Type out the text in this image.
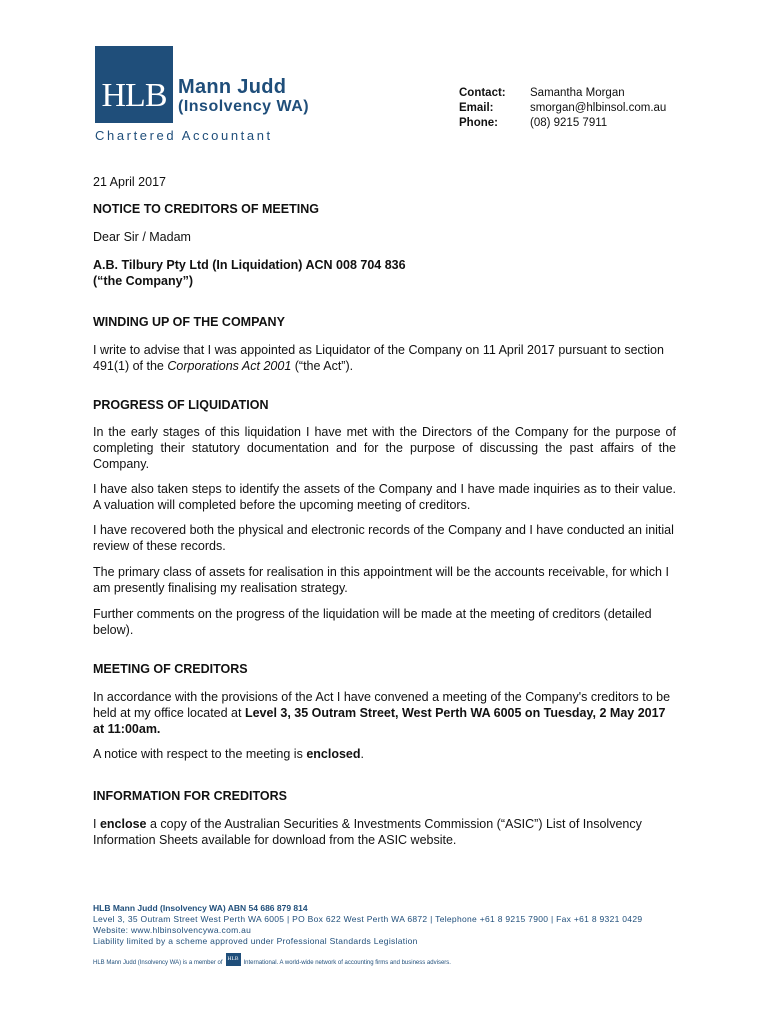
HLB Mann Judd
(Insolvency WA)
Chartered Accountant
Contact:	Samantha Morgan
Email:	smorgan@hlbinsol.com.au
Phone:	(08) 9215 7911
21 April 2017
NOTICE TO CREDITORS OF MEETING
Dear Sir / Madam
A.B. Tilbury Pty Ltd (In Liquidation) ACN 008 704 836
(“the Company”)
WINDING UP OF THE COMPANY
I write to advise that I was appointed as Liquidator of the Company on 11 April 2017 pursuant to section 491(1) of the Corporations Act 2001 (“the Act”).
PROGRESS OF LIQUIDATION
In the early stages of this liquidation I have met with the Directors of the Company for the purpose of completing their statutory documentation and for the purpose of discussing the past affairs of the Company.
I have also taken steps to identify the assets of the Company and I have made inquiries as to their value. A valuation will completed before the upcoming meeting of creditors.
I have recovered both the physical and electronic records of the Company and I have conducted an initial review of these records.
The primary class of assets for realisation in this appointment will be the accounts receivable, for which I am presently finalising my realisation strategy.
Further comments on the progress of the liquidation will be made at the meeting of creditors (detailed below).
MEETING OF CREDITORS
In accordance with the provisions of the Act I have convened a meeting of the Company's creditors to be held at my office located at Level 3, 35 Outram Street, West Perth WA 6005 on Tuesday, 2 May 2017 at 11:00am.
A notice with respect to the meeting is enclosed.
INFORMATION FOR CREDITORS
I enclose a copy of the Australian Securities & Investments Commission (“ASIC”) List of Insolvency Information Sheets available for download from the ASIC website.
HLB Mann Judd (Insolvency WA) ABN 54 686 879 814
Level 3, 35 Outram Street West Perth WA 6005 | PO Box 622 West Perth WA 6872 | Telephone +61 8 9215 7900 | Fax +61 8 9321 0429
Website: www.hlbinsolvencywa.com.au
Liability limited by a scheme approved under Professional Standards Legislation
HLB Mann Judd (Insolvency WA) is a member of
HLB
International. A world-wide network of accounting firms and business advisers.
